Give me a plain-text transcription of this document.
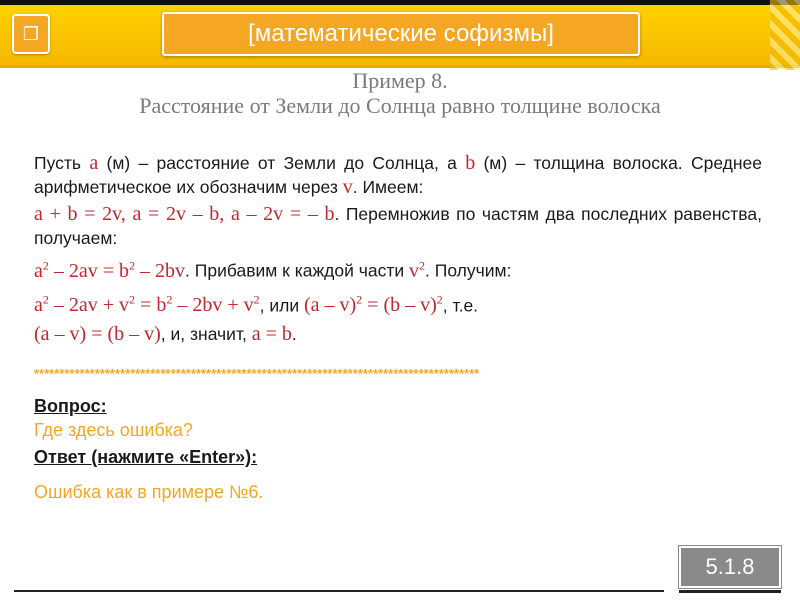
❐	[математические софизмы]
Пример 8.
Расстояние от Земли до Солнца равно толщине волоска

Пусть a (м) – расстояние от Земли до Солнца, а b (м) – толщина волоска. Среднее арифметическое их обозначим через v. Имеем:

a + b = 2v, a = 2v – b, a – 2v = – b. Перемножив по частям два последних равенства, получаем:

$a^2 - 2av = b^2 - 2bv$. Прибавим к каждой части $v^2$. Получим:

$a^2 - 2av + v^2 = b^2 - 2bv + v^2$, или (a – v)$^2$ = (b – v)$^2$, т.е.

(a – v) = (b – v), и, значит, a = b.

****************************************************************************************
Вопрос:
Где здесь ошибка?
Ответ (нажмите «Enter»):
Ошибка как в примере №6.
5.1.8
